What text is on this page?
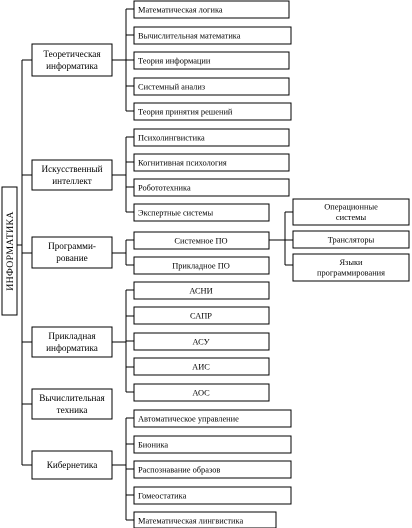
ИНФОРМАТИКА
Теоретическая
информатика
Математическая логика
Вычислительная математика
Теория информации
Системный анализ
Теория принятия решений
Искусственный
интеллект
Психолингвистика
Когнитивная психология
Робототехника
Экспертные системы
Программи-
рование
Системное ПО
Прикладное ПО
Операционные
системы
Трансляторы
Языки
программирования
Прикладная
информатика
АСНИ
САПР
АСУ
АИС
АОС
Вычислительная
техника
Кибернетика
Автоматическое управление
Бионика
Распознавание образов
Гомеостатика
Математическая лингвистика
